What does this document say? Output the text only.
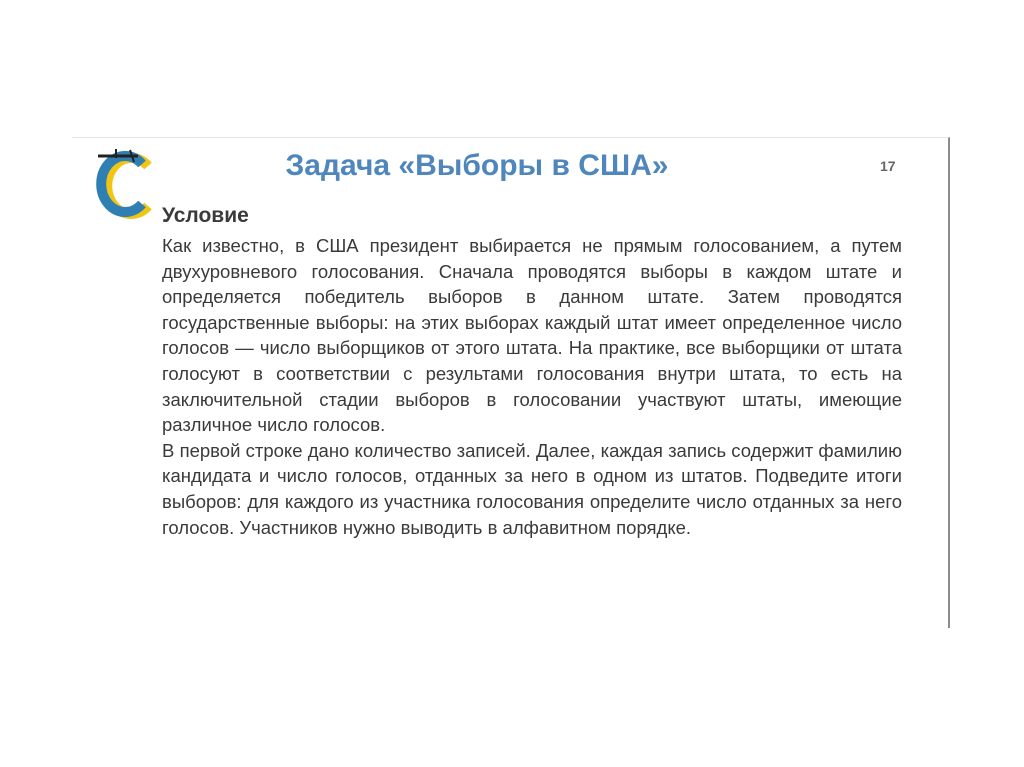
Задача «Выборы в США»	17
Условие

Как известно, в США президент выбирается не прямым голосованием, а путем двухуровневого голосования. Сначала проводятся выборы в каждом штате и определяется победитель выборов в данном штате. Затем проводятся государственные выборы: на этих выборах каждый штат имеет определенное число голосов — число выборщиков от этого штата. На практике, все выборщики от штата голосуют в соответствии с результами голосования внутри штата, то есть на заключительной стадии выборов в голосовании участвуют штаты, имеющие различное число голосов.

В первой строке дано количество записей. Далее, каждая запись содержит фамилию кандидата и число голосов, отданных за него в одном из штатов. Подведите итоги выборов: для каждого из участника голосования определите число отданных за него голосов. Участников нужно выводить в алфавитном порядке.
